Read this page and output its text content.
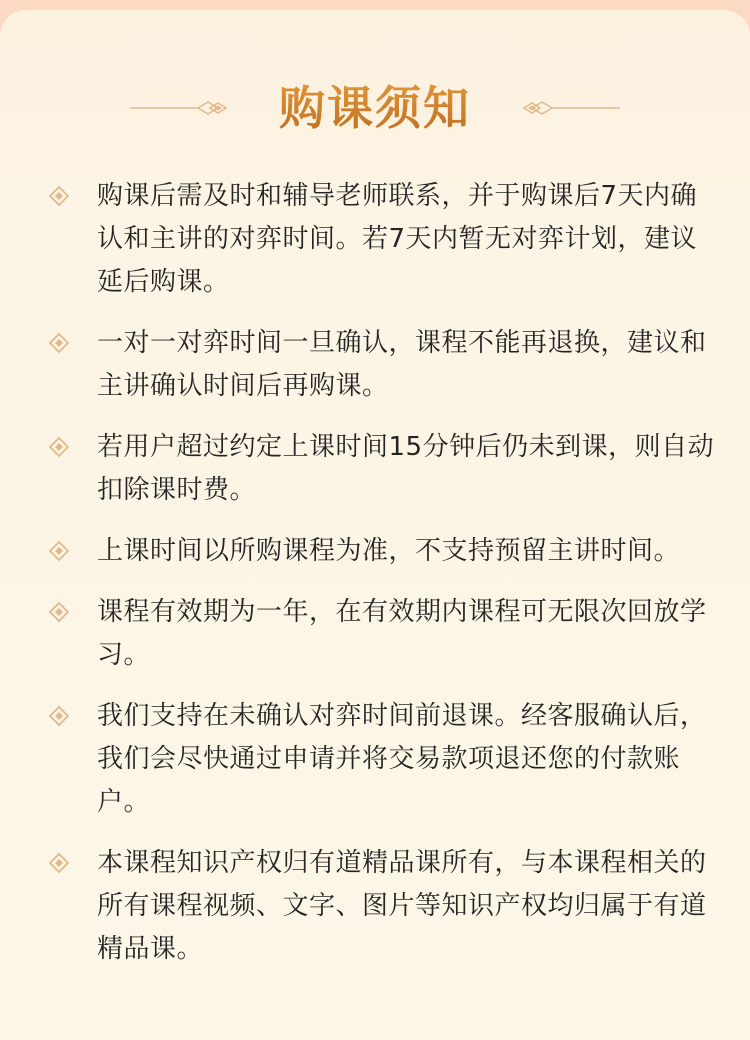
购课须知
购课后需及时和辅导老师联系，并于购课后7天内确认和主讲的对弈时间。若7天内暂无对弈计划，建议延后购课。
一对一对弈时间一旦确认，课程不能再退换，建议和主讲确认时间后再购课。
若用户超过约定上课时间15分钟后仍未到课，则自动扣除课时费。
上课时间以所购课程为准，不支持预留主讲时间。
课程有效期为一年，在有效期内课程可无限次回放学习。
我们支持在未确认对弈时间前退课。经客服确认后，我们会尽快通过申请并将交易款项退还您的付款账户。
本课程知识产权归有道精品课所有，与本课程相关的所有课程视频、文字、图片等知识产权均归属于有道精品课。
